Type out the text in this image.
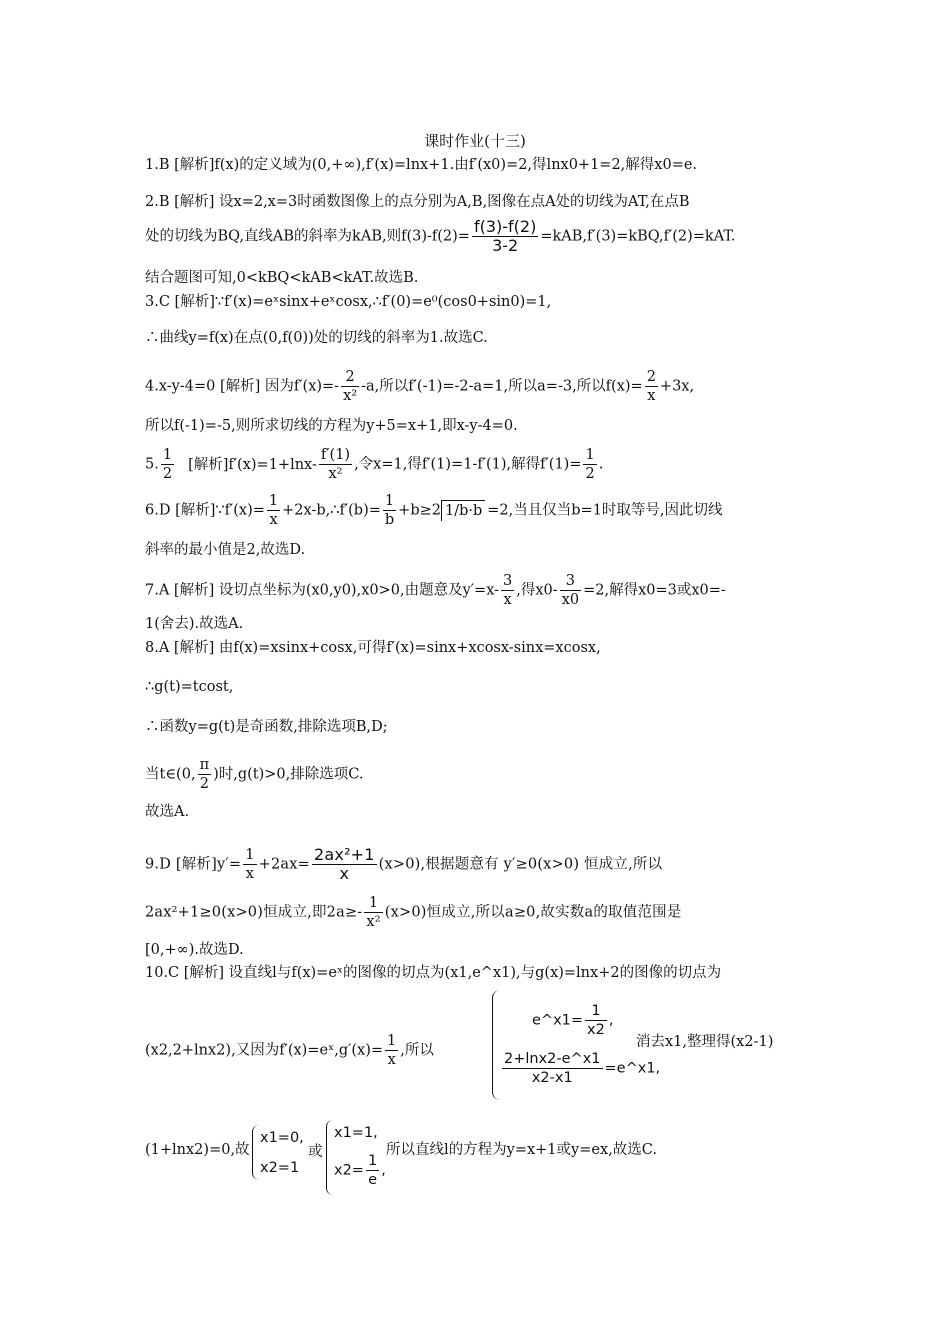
课时作业(十三)
1.B [解析]f(x)的定义域为(0,+∞),f′(x)=lnx+1.由f′(x0)=2,得lnx0+1=2,解得x0=e.
2.B [解析] 设x=2,x=3时函数图像上的点分别为A,B,图像在点A处的切线为AT,在点B
处的切线为BQ,直线AB的斜率为kAB,则$f(3)-f(2)= \frac{f(3)-f(2)}{3-2} =kAB,f'(3)=kBQ,f'(2)=kAT$.
结合题图可知,0<kBQ<kAB<kAT.故选B.
3.C [解析]∵f′(x)=eˣsinx+eˣcosx,∴f′(0)=e⁰(cos0+sin0)=1,
∴曲线y=f(x)在点(0,f(0))处的切线的斜率为1.故选C.
4.x-y-4=0 [解析] 因为$f'(x)=- \frac{2}{\text{x²}} -a$,所以f′(-1)=-2-a=1,所以a=-3,所以$f(x)= \frac{2}{x} +3x$,
所以f(-1)=-5,则所求切线的方程为y+5=x+1,即x-y-4=0.
5. $\frac{1}{2}$ [解析]$f'(x)=1+\ln x- \frac{f'(1)}{\text{x²}}$ ,令x=1,得f′(1)=1-f′(1),解得$f'(1)= \frac{1}{2}$ .
6.D [解析]∵f′(x)= $\frac{1}{x}$ +2x-b,∴f′(b)= $\frac{1}{b} +b\ge 2$ 1/b·b =2,当且仅当b=1时取等号,因此切线
斜率的最小值是2,故选D.
7.A [解析] 设切点坐标为(x0,y0),x0>0,由题意及$y'=x- \frac{3}{x}$ ,得$x0- \frac{3}{x0} =2$,解得x0=3或x0=-
1(舍去).故选A.
8.A [解析] 由f(x)=xsinx+cosx,可得f′(x)=sinx+xcosx-sinx=xcosx,
∴g(t)=tcost,
∴函数y=g(t)是奇函数,排除选项B,D;
当t∈(0, $\frac{\pi}{2}$ )时,g(t)>0,排除选项C.
故选A.
9.D [解析]$y'= \frac{1}{x} +2ax= \frac{\text{2ax²+1}}{x} (x>0)$,根据题意有 y′≥0(x>0) 恒成立,所以
2ax²+1≥0(x>0)恒成立,即$2a\ge- \frac{1}{\text{x²}} (x>0)$恒成立,所以a≥0,故实数a的取值范围是
[0,+∞).故选D.
10.C [解析] 设直线l与f(x)=eˣ的图像的切点为(x1,e^x1),与g(x)=lnx+2的图像的切点为
(x2,2+lnx2),又因为f′(x)=eˣ,g′(x)= $\frac{1}{x}$ ,所以
消去x1,整理得(x2-1)
e^x1= $\frac{1}{x2}$ ,
$\frac{2+\ln x2-e\^{}x1}{x2-x1}$ =e^x1,
(1+lnx2)=0,故
x1=0,
x2=1
或
x1=1,
$x2= \frac{1}{e}$ ,
所以直线l的方程为y=x+1或y=ex,故选C.
